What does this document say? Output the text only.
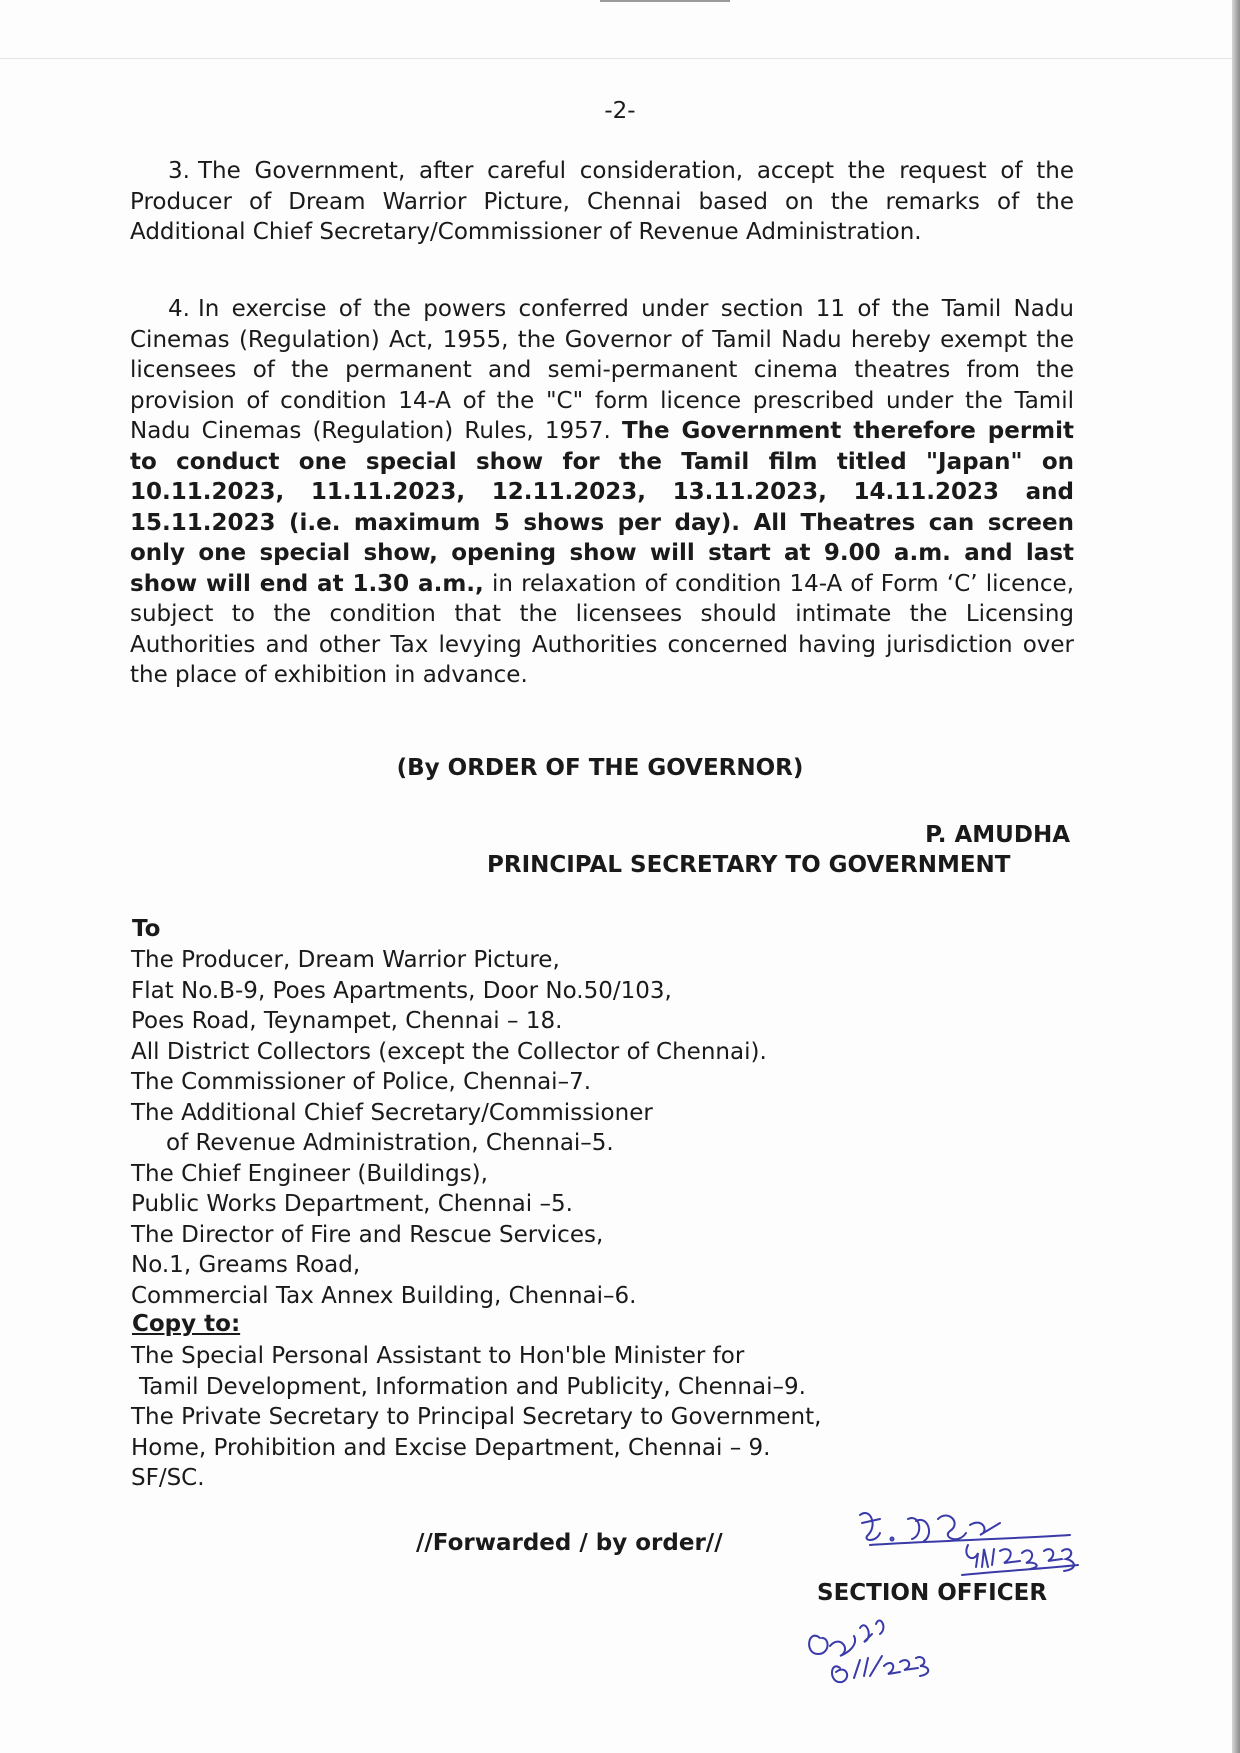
-2-

3. The Government, after careful consideration, accept the request of the Producer of Dream Warrior Picture, Chennai based on the remarks of the Additional Chief Secretary/Commissioner of Revenue Administration.

4. In exercise of the powers conferred under section 11 of the Tamil Nadu Cinemas (Regulation) Act, 1955, the Governor of Tamil Nadu hereby exempt the licensees of the permanent and semi-permanent cinema theatres from the provision of condition 14-A of the "C" form licence prescribed under the Tamil Nadu Cinemas (Regulation) Rules, 1957. The Government therefore permit to conduct one special show for the Tamil film titled "Japan" on 10.11.2023, 11.11.2023, 12.11.2023, 13.11.2023, 14.11.2023 and 15.11.2023 (i.e. maximum 5 shows per day). All Theatres can screen only one special show, opening show will start at 9.00 a.m. and last show will end at 1.30 a.m., in relaxation of condition 14-A of Form ‘C’ licence, subject to the condition that the licensees should intimate the Licensing Authorities and other Tax levying Authorities concerned having jurisdiction over the place of exhibition in advance.

(By ORDER OF THE GOVERNOR)
P. AMUDHA
PRINCIPAL SECRETARY TO GOVERNMENT
To
The Producer, Dream Warrior Picture,
Flat No.B-9, Poes Apartments, Door No.50/103,
Poes Road, Teynampet, Chennai – 18.
All District Collectors (except the Collector of Chennai).
The Commissioner of Police, Chennai–7.
The Additional Chief Secretary/Commissioner
of Revenue Administration, Chennai–5.
The Chief Engineer (Buildings),
Public Works Department, Chennai –5.
The Director of Fire and Rescue Services,
No.1, Greams Road,
Commercial Tax Annex Building, Chennai–6.
Copy to:
The Special Personal Assistant to Hon'ble Minister for
Tamil Development, Information and Publicity, Chennai–9.
The Private Secretary to Principal Secretary to Government,
Home, Prohibition and Excise Department, Chennai – 9.
SF/SC.
//Forwarded / by order//
SECTION OFFICER
